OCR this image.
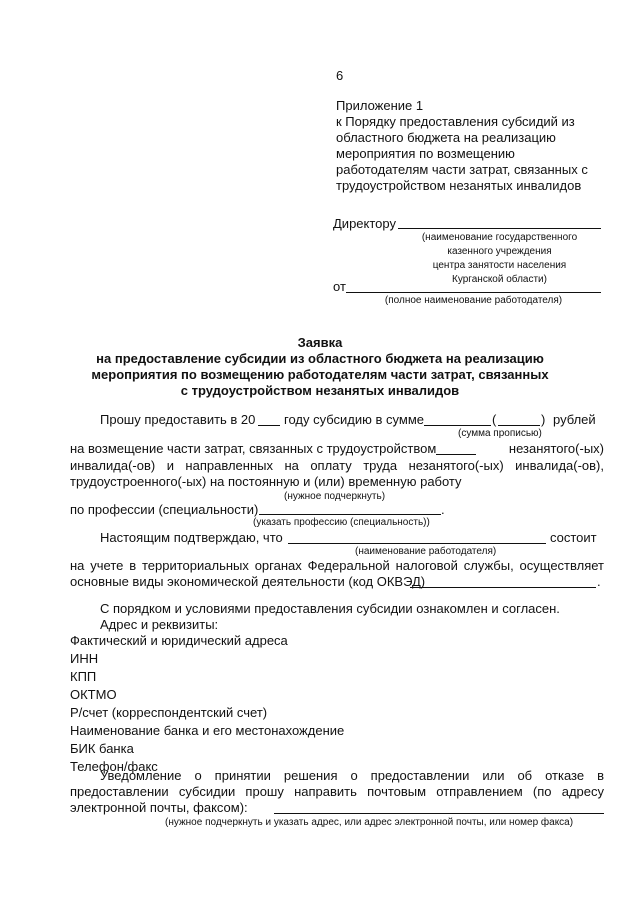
6
Приложение 1
к Порядку предоставления субсидий из
областного бюджета на реализацию
мероприятия по возмещению
работодателям части затрат, связанных с
трудоустройством незанятых инвалидов
Директору
(наименование государственного
казенного учреждения
центра занятости населения
Курганской области)
от
(полное наименование работодателя)
Заявка
на предоставление субсидии из областного бюджета на реализацию
мероприятия по возмещению работодателям части затрат, связанных
с трудоустройством незанятых инвалидов
Прошу предоставить в 20 году субсидию в сумме	(	) рублей
(сумма прописью)
на возмещение части затрат, связанных с трудоустройством	незанятого(-ых)
инвалида(-ов) и направленных на оплату труда незанятого(-ых) инвалида(-ов),
трудоустроенного(-ых) на постоянную и (или) временную работу
(нужное подчеркнуть)
по профессии (специальности)	.
(указать профессию (специальность))
Настоящим подтверждаю, что	состоит
(наименование работодателя)
на учете в территориальных органах Федеральной налоговой службы, осуществляет
основные виды экономической деятельности (код ОКВЭД)	.
С порядком и условиями предоставления субсидии ознакомлен и согласен.
Адрес и реквизиты:
Фактический и юридический адреса
ИНН
КПП
ОКТМО
Р/счет (корреспондентский счет)
Наименование банка и его местонахождение
БИК банка
Телефон/факс
Уведомление о принятии решения о предоставлении или об отказе в
предоставлении субсидии прошу направить почтовым отправлением (по адресу
электронной почты, факсом):
(нужное подчеркнуть и указать адрес, или адрес электронной почты, или номер факса)
